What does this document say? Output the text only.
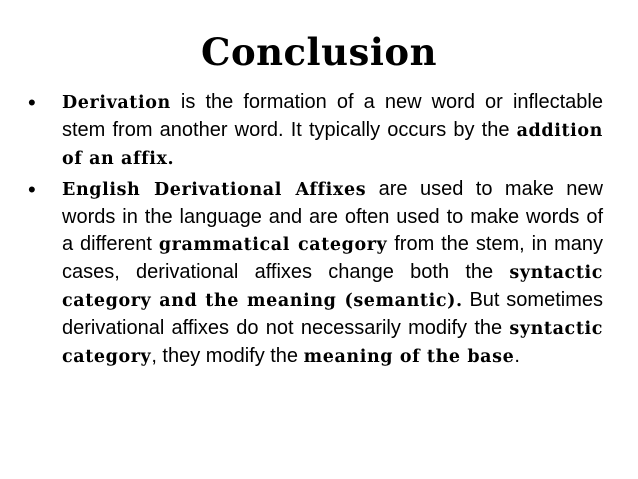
Conclusion
• Derivation is the formation of a new word or inflectable stem from another word. It typically occurs by the addition of an affix.
• English Derivational Affixes are used to make new words in the language and are often used to make words of a different grammatical category from the stem, in many cases, derivational affixes change both the syntactic category and the meaning (semantic). But sometimes derivational affixes do not necessarily modify the syntactic category, they modify the meaning of the base.
